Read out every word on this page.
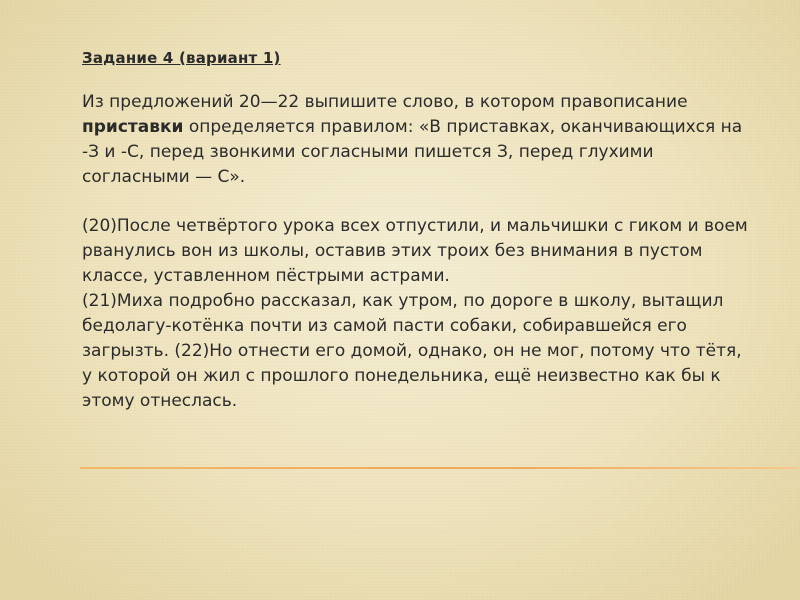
Задание 4 (вариант 1)

Из предложений 20—22 выпишите слово, в котором правописание приставки определяется правилом: «В приставках, оканчивающихся на -З и -С, перед звонкими согласными пишется З, перед глухими согласными — С».

(20)После четвёртого урока всех отпустили, и мальчишки с гиком и воем рванулись вон из школы, оставив этих троих без внимания в пустом классе, уставленном пёстрыми астрами.

(21)Миха подробно рассказал, как утром, по дороге в школу, вытащил бедолагу-котёнка почти из самой пасти собаки, собиравшейся его загрызть. (22)Но отнести его домой, однако, он не мог, потому что тётя, у которой он жил с прошлого понедельника, ещё неизвестно как бы к этому отнеслась.
